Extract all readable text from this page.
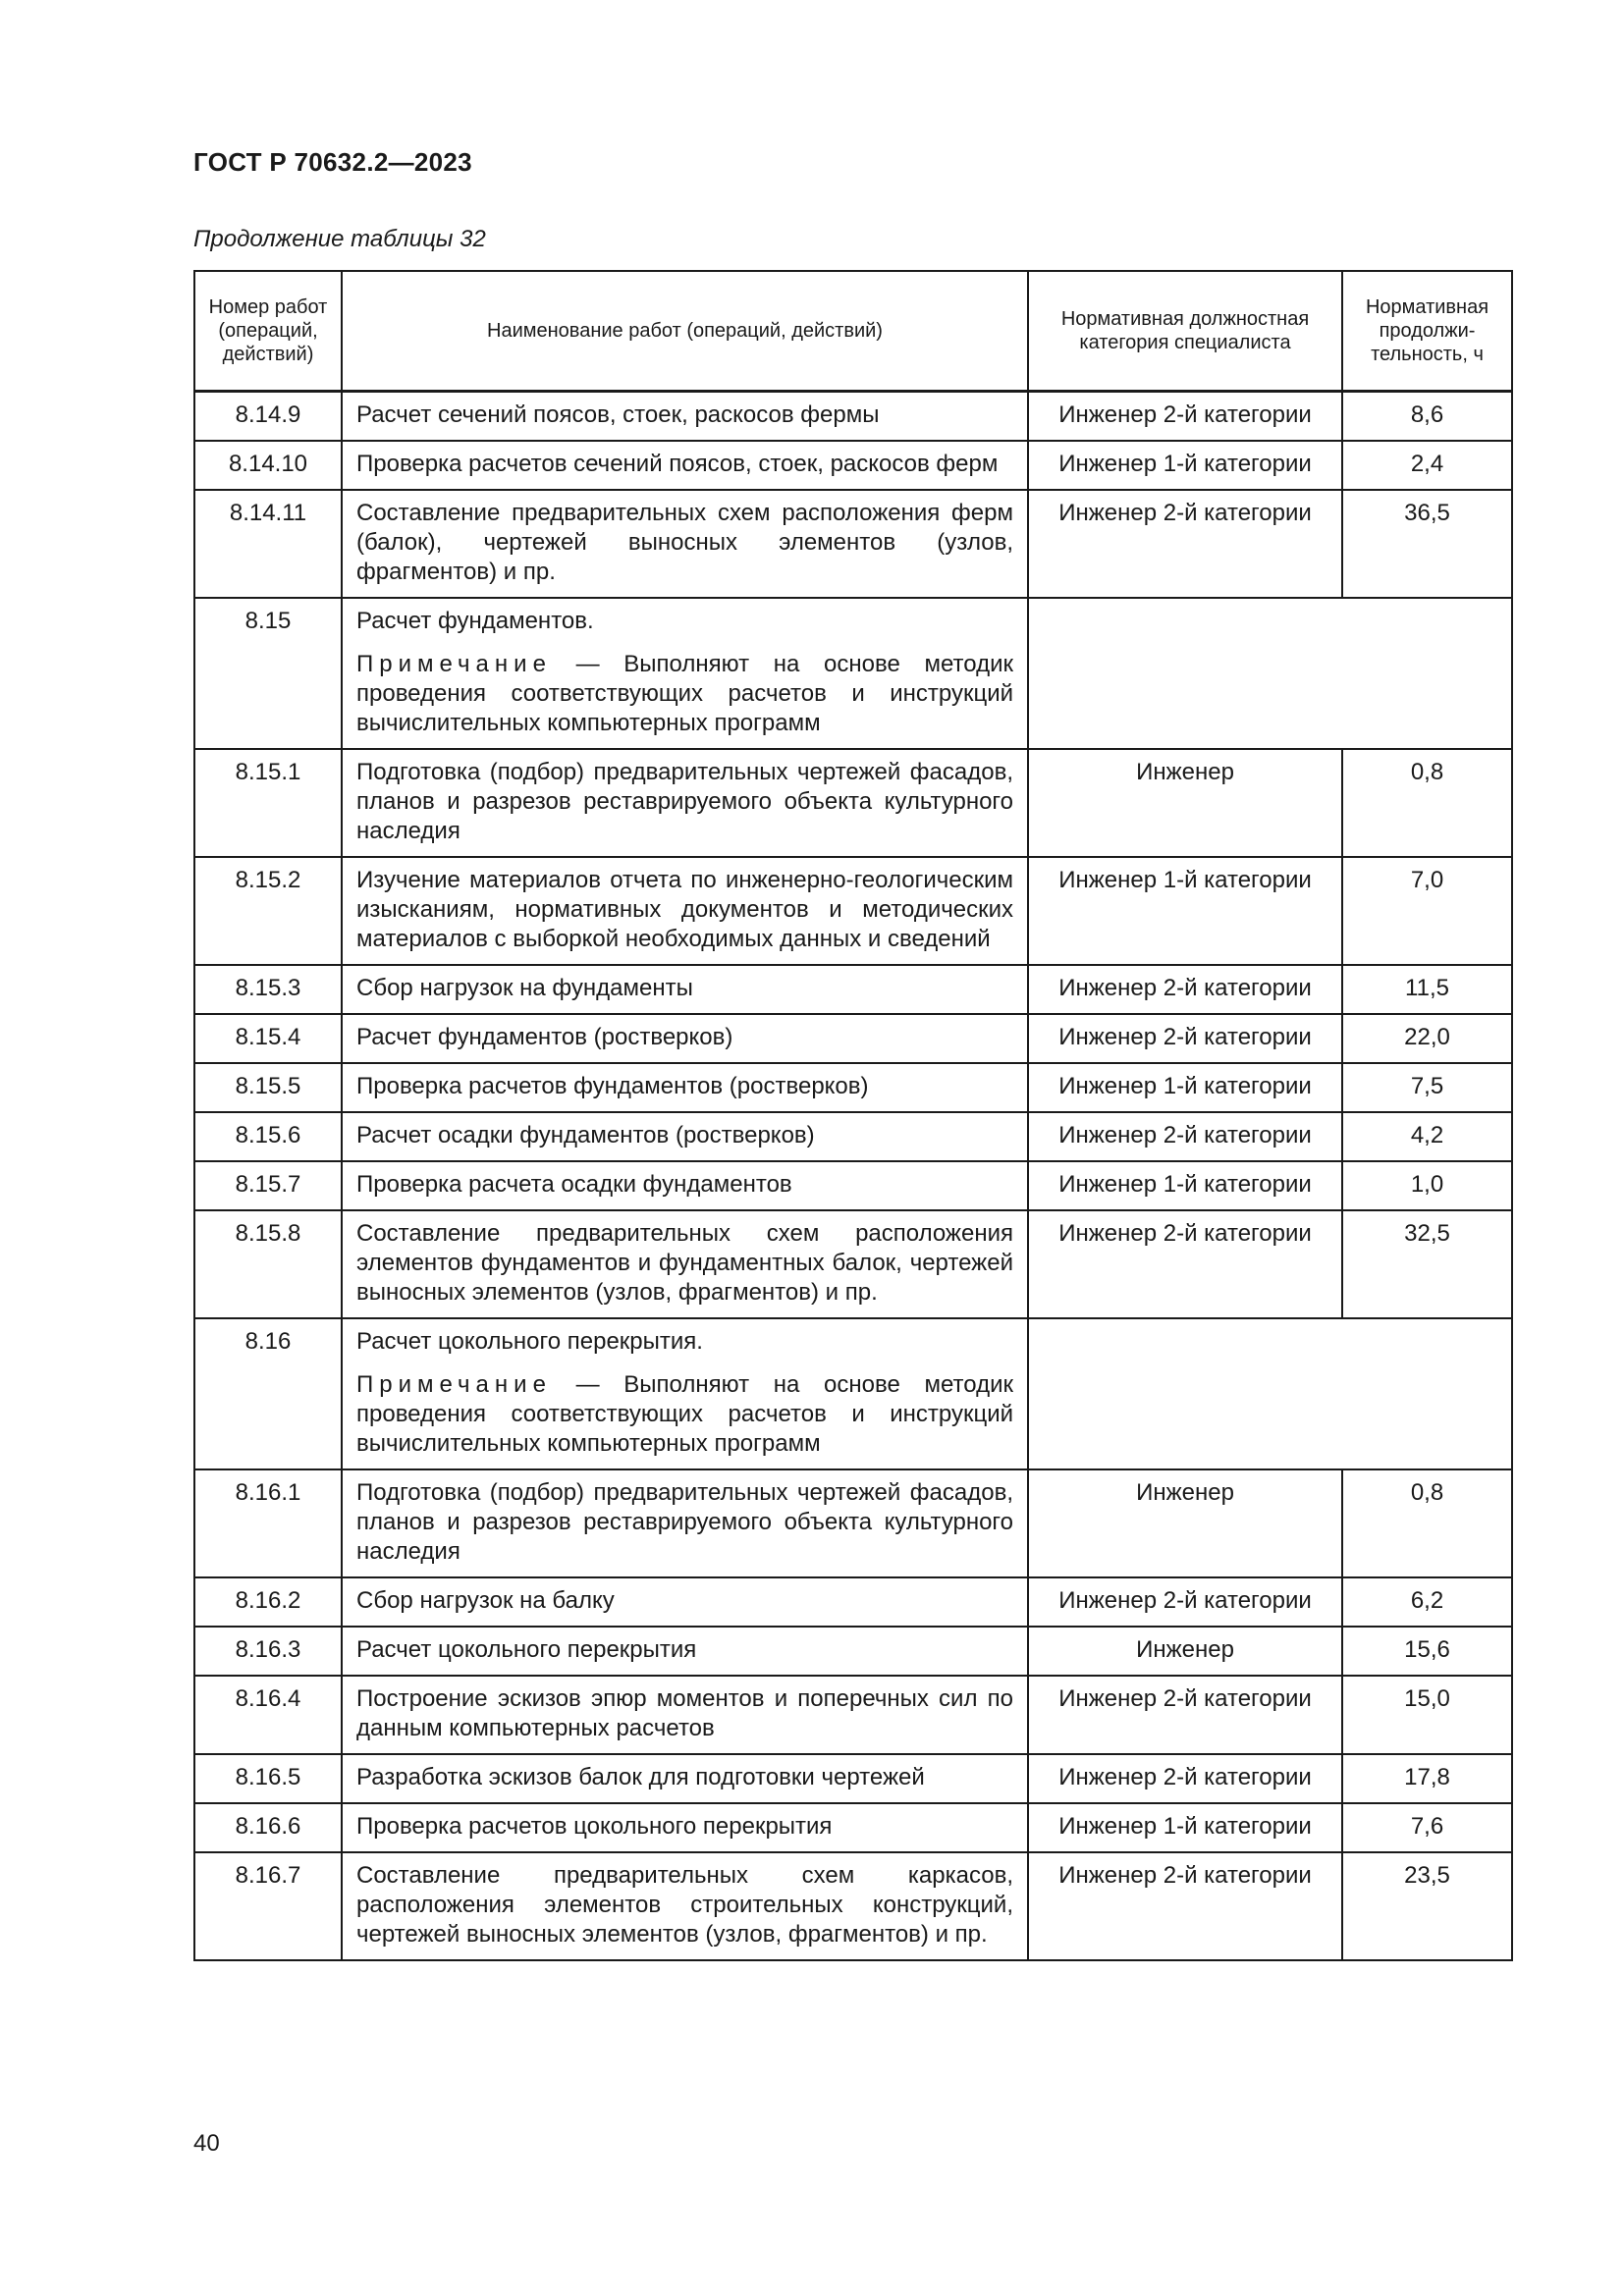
ГОСТ Р 70632.2—2023
Продолжение таблицы 32
Номер работ (операций, действий)	Наименование работ (операций, действий)	Нормативная должностная категория специалиста	Нормативная продолжи-тельность, ч
8.14.9	Расчет сечений поясов, стоек, раскосов фермы	Инженер 2-й категории	8,6
8.14.10	Проверка расчетов сечений поясов, стоек, раскосов ферм	Инженер 1-й категории	2,4
8.14.11	Составление предварительных схем расположения ферм (балок), чертежей выносных элементов (узлов, фрагментов) и пр.	Инженер 2-й категории	36,5
8.15	Расчет фундаментов.
Примечание — Выполняют на основе методик проведения соответствующих расчетов и инструкций вычислительных компьютерных программ		

8.15.1	Подготовка (подбор) предварительных чертежей фасадов, планов и разрезов реставрируемого объекта культурного наследия	Инженер	0,8
8.15.2	Изучение материалов отчета по инженерно-геологическим изысканиям, нормативных документов и методических материалов с выборкой необходимых данных и сведений	Инженер 1-й категории	7,0
8.15.3	Сбор нагрузок на фундаменты	Инженер 2-й категории	11,5
8.15.4	Расчет фундаментов (ростверков)	Инженер 2-й категории	22,0
8.15.5	Проверка расчетов фундаментов (ростверков)	Инженер 1-й категории	7,5
8.15.6	Расчет осадки фундаментов (ростверков)	Инженер 2-й категории	4,2
8.15.7	Проверка расчета осадки фундаментов	Инженер 1-й категории	1,0
8.15.8	Составление предварительных схем расположения элементов фундаментов и фундаментных балок, чертежей выносных элементов (узлов, фрагментов) и пр.	Инженер 2-й категории	32,5
8.16	Расчет цокольного перекрытия.
Примечание — Выполняют на основе методик проведения соответствующих расчетов и инструкций вычислительных компьютерных программ		

8.16.1	Подготовка (подбор) предварительных чертежей фасадов, планов и разрезов реставрируемого объекта культурного наследия	Инженер	0,8
8.16.2	Сбор нагрузок на балку	Инженер 2-й категории	6,2
8.16.3	Расчет цокольного перекрытия	Инженер	15,6
8.16.4	Построение эскизов эпюр моментов и поперечных сил по данным компьютерных расчетов	Инженер 2-й категории	15,0
8.16.5	Разработка эскизов балок для подготовки чертежей	Инженер 2-й категории	17,8
8.16.6	Проверка расчетов цокольного перекрытия	Инженер 1-й категории	7,6
8.16.7	Составление предварительных схем каркасов, расположения элементов строительных конструкций, чертежей выносных элементов (узлов, фрагментов) и пр.	Инженер 2-й категории	23,5
40
